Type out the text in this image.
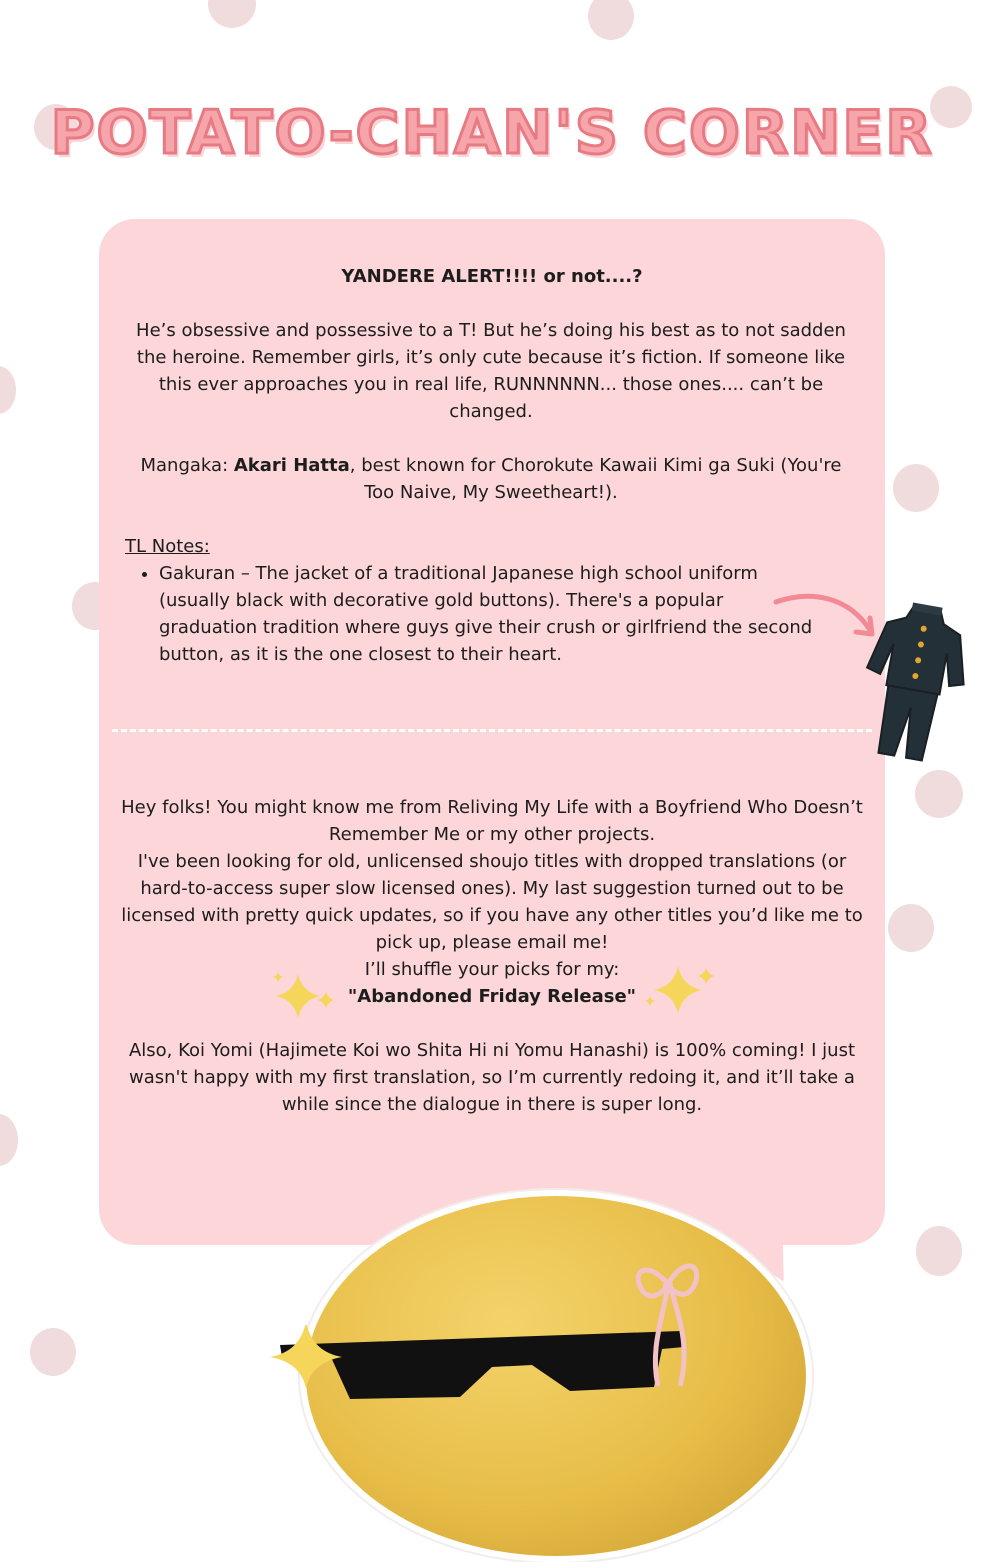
POTATO-CHAN'S CORNER
YANDERE ALERT!!!! or not....?
He’s obsessive and possessive to a T! But he’s doing his best as to not sadden the heroine. Remember girls, it’s only cute because it’s fiction. If someone like this ever approaches you in real life, RUNNNNNN... those ones.... can’t be changed.
Mangaka: Akari Hatta, best known for Chorokute Kawaii Kimi ga Suki (You're Too Naive, My Sweetheart!).
TL Notes:
• Gakuran – The jacket of a traditional Japanese high school uniform (usually black with decorative gold buttons). There's a popular graduation tradition where guys give their crush or girlfriend the second button, as it is the one closest to their heart.
Hey folks! You might know me from Reliving My Life with a Boyfriend Who Doesn’t Remember Me or my other projects.
I've been looking for old, unlicensed shoujo titles with dropped translations (or hard-to-access super slow licensed ones). My last suggestion turned out to be licensed with pretty quick updates, so if you have any other titles you’d like me to pick up, please email me!
I’ll shuffle your picks for my:
"Abandoned Friday Release"
Also, Koi Yomi (Hajimete Koi wo Shita Hi ni Yomu Hanashi) is 100% coming! I just wasn't happy with my first translation, so I’m currently redoing it, and it’ll take a while since the dialogue in there is super long.
